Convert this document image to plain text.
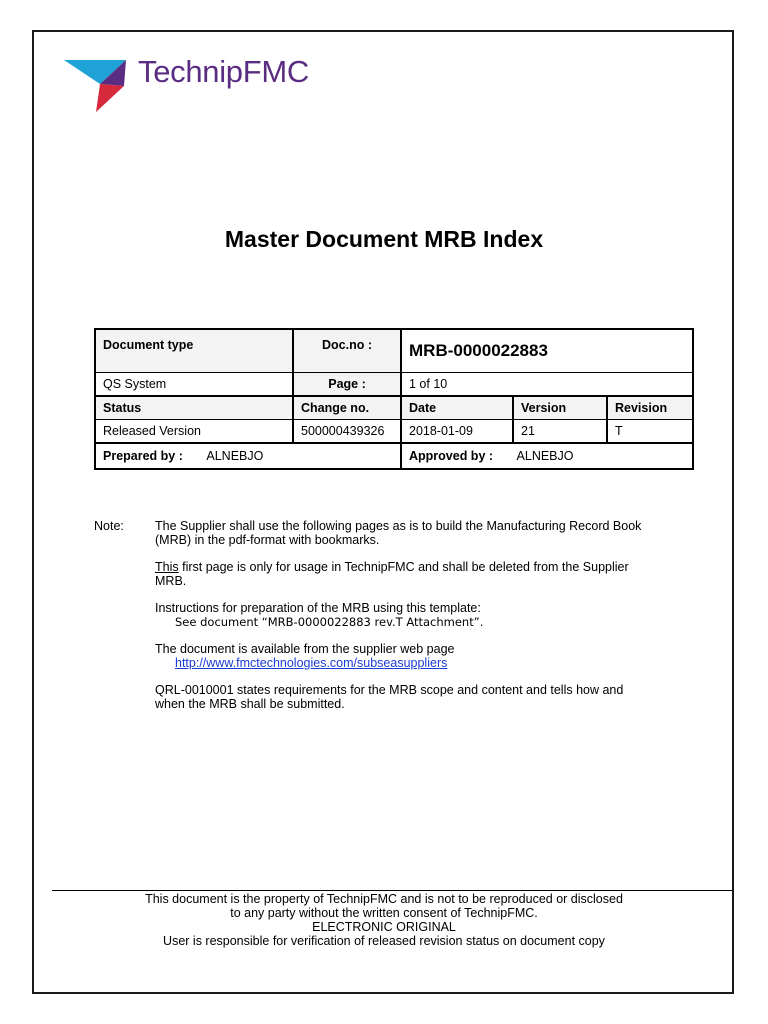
TechnipFMC
Master Document MRB Index
Document type	Doc.no :	MRB-0000022883		
QS System	Page :	1 of 10		
Status	Change no.	Date	Version	Revision
Released Version	500000439326	2018-01-09	21	T
Prepared by : ALNEBJO		Approved by : ALNEBJO		
Note: The Supplier shall use the following pages as is to build the Manufacturing Record Book (MRB) in the pdf-format with bookmarks.

This first page is only for usage in TechnipFMC and shall be deleted from the Supplier MRB.

Instructions for preparation of the MRB using this template:
See document “MRB-0000022883 rev.T Attachment”.

The document is available from the supplier web page
http://www.fmctechnologies.com/subseasuppliers

QRL-0010001 states requirements for the MRB scope and content and tells how and when the MRB shall be submitted.

This document is the property of TechnipFMC and is not to be reproduced or disclosed
to any party without the written consent of TechnipFMC.
ELECTRONIC ORIGINAL
User is responsible for verification of released revision status on document copy
